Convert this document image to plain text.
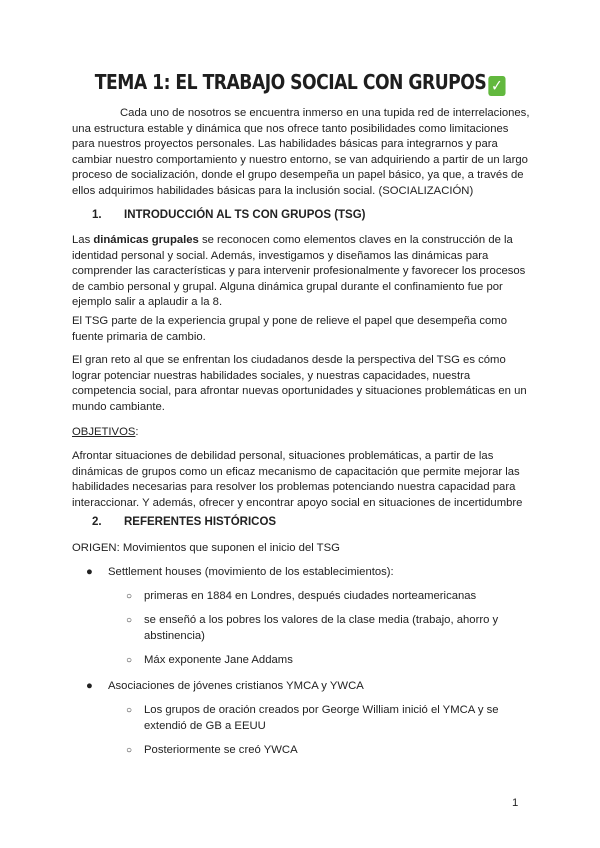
TEMA 1: EL TRABAJO SOCIAL CON GRUPOS ✓
Cada uno de nosotros se encuentra inmerso en una tupida red de interrelaciones, una estructura estable y dinámica que nos ofrece tanto posibilidades como limitaciones para nuestros proyectos personales. Las habilidades básicas para integrarnos y para cambiar nuestro comportamiento y nuestro entorno, se van adquiriendo a partir de un largo proceso de socialización, donde el grupo desempeña un papel básico, ya que, a través de ellos adquirimos habilidades básicas para la inclusión social. (SOCIALIZACIÓN)
1. INTRODUCCIÓN AL TS CON GRUPOS (TSG)
Las dinámicas grupales se reconocen como elementos claves en la construcción de la identidad personal y social. Además, investigamos y diseñamos las dinámicas para comprender las características y para intervenir profesionalmente y favorecer los procesos de cambio personal y grupal. Alguna dinámica grupal durante el confinamiento fue por ejemplo salir a aplaudir a la 8.
El TSG parte de la experiencia grupal y pone de relieve el papel que desempeña como fuente primaria de cambio.
El gran reto al que se enfrentan los ciudadanos desde la perspectiva del TSG es cómo lograr potenciar nuestras habilidades sociales, y nuestras capacidades, nuestra competencia social, para afrontar nuevas oportunidades y situaciones problemáticas en un mundo cambiante.
OBJETIVOS:
Afrontar situaciones de debilidad personal, situaciones problemáticas, a partir de las dinámicas de grupos como un eficaz mecanismo de capacitación que permite mejorar las habilidades necesarias para resolver los problemas potenciando nuestra capacidad para interaccionar. Y además, ofrecer y encontrar apoyo social en situaciones de incertidumbre
2. REFERENTES HISTÓRICOS
ORIGEN: Movimientos que suponen el inicio del TSG
● Settlement houses (movimiento de los establecimientos):
○ primeras en 1884 en Londres, después ciudades norteamericanas
○ se enseñó a los pobres los valores de la clase media (trabajo, ahorro y abstinencia)
○ Máx exponente Jane Addams
● Asociaciones de jóvenes cristianos YMCA y YWCA
○ Los grupos de oración creados por George William inició el YMCA y se extendió de GB a EEUU
○ Posteriormente se creó YWCA
1
